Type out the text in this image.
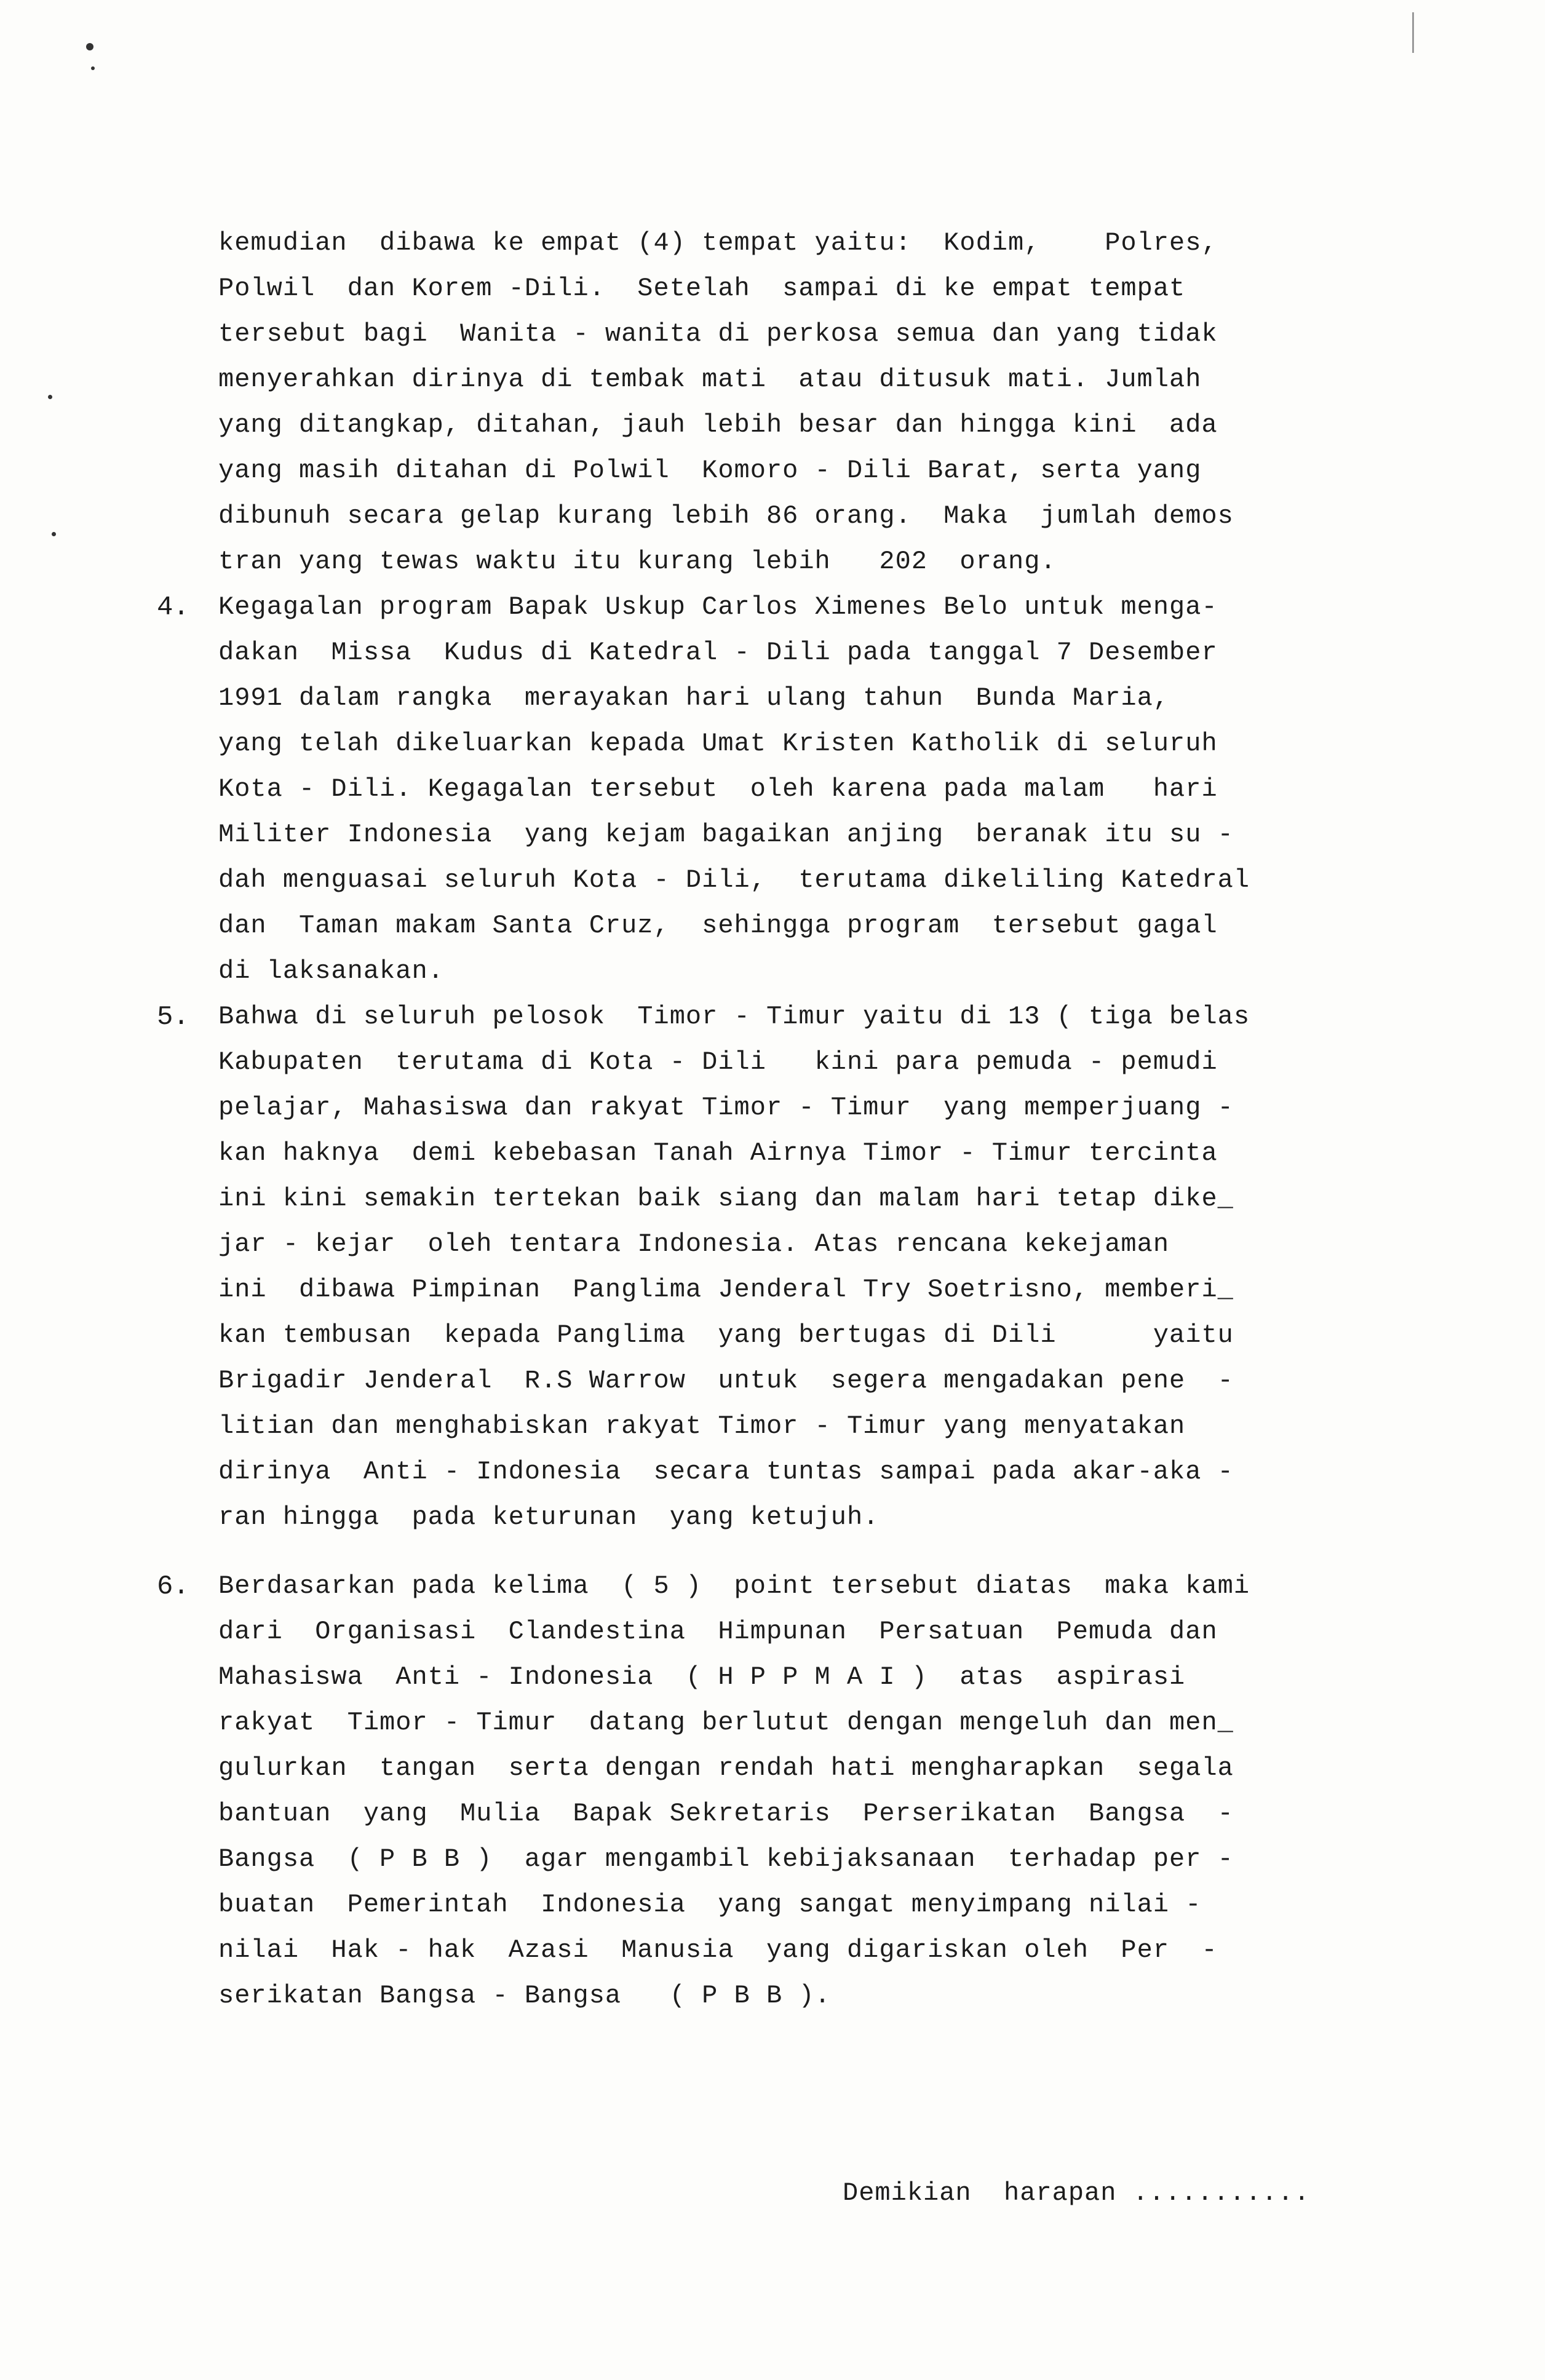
kemudian  dibawa ke empat (4) tempat yaitu:  Kodim,    Polres,
Polwil  dan Korem -Dili.  Setelah  sampai di ke empat tempat
tersebut bagi  Wanita - wanita di perkosa semua dan yang tidak
menyerahkan dirinya di tembak mati  atau ditusuk mati. Jumlah
yang ditangkap, ditahan, jauh lebih besar dan hingga kini  ada
yang masih ditahan di Polwil  Komoro - Dili Barat, serta yang
dibunuh secara gelap kurang lebih 86 orang.  Maka  jumlah demos
tran yang tewas waktu itu kurang lebih   202  orang.
4. Kegagalan program Bapak Uskup Carlos Ximenes Belo untuk menga-
dakan  Missa  Kudus di Katedral - Dili pada tanggal 7 Desember
1991 dalam rangka  merayakan hari ulang tahun  Bunda Maria,
yang telah dikeluarkan kepada Umat Kristen Katholik di seluruh
Kota - Dili. Kegagalan tersebut  oleh karena pada malam   hari
Militer Indonesia  yang kejam bagaikan anjing  beranak itu su -
dah menguasai seluruh Kota - Dili,  terutama dikeliling Katedral
dan  Taman makam Santa Cruz,  sehingga program  tersebut gagal
di laksanakan.
5. Bahwa di seluruh pelosok  Timor - Timur yaitu di 13 ( tiga belas
Kabupaten  terutama di Kota - Dili   kini para pemuda - pemudi
pelajar, Mahasiswa dan rakyat Timor - Timur  yang memperjuang -
kan haknya  demi kebebasan Tanah Airnya Timor - Timur tercinta
ini kini semakin tertekan baik siang dan malam hari tetap dike_
jar - kejar  oleh tentara Indonesia. Atas rencana kekejaman
ini  dibawa Pimpinan  Panglima Jenderal Try Soetrisno, memberi_
kan tembusan  kepada Panglima  yang bertugas di Dili      yaitu
Brigadir Jenderal  R.S Warrow  untuk  segera mengadakan pene  -
litian dan menghabiskan rakyat Timor - Timur yang menyatakan
dirinya  Anti - Indonesia  secara tuntas sampai pada akar-aka -
ran hingga  pada keturunan  yang ketujuh.
6. Berdasarkan pada kelima  ( 5 )  point tersebut diatas  maka kami
dari  Organisasi  Clandestina  Himpunan  Persatuan  Pemuda dan
Mahasiswa  Anti - Indonesia  ( H P P M A I )  atas  aspirasi
rakyat  Timor - Timur  datang berlutut dengan mengeluh dan men_
gulurkan  tangan  serta dengan rendah hati mengharapkan  segala
bantuan  yang  Mulia  Bapak Sekretaris  Perserikatan  Bangsa  -
Bangsa  ( P B B )  agar mengambil kebijaksanaan  terhadap per -
buatan  Pemerintah  Indonesia  yang sangat menyimpang nilai -
nilai  Hak - hak  Azasi  Manusia  yang digariskan oleh  Per  -
serikatan Bangsa - Bangsa   ( P B B ).
Demikian  harapan ...........
